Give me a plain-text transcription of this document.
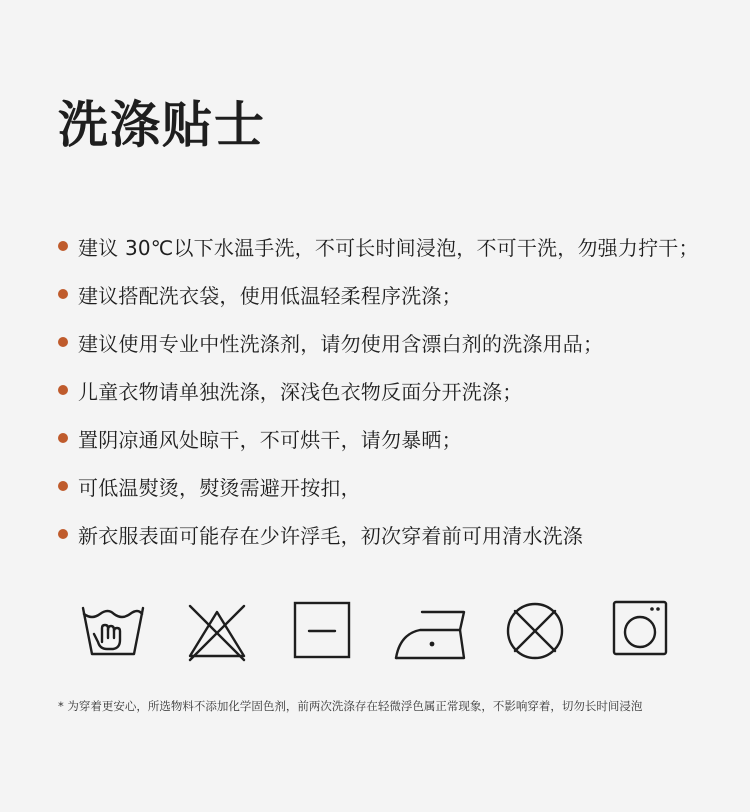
洗涤贴士
建议 30℃以下水温手洗，不可长时间浸泡，不可干洗，勿强力拧干；
建议搭配洗衣袋，使用低温轻柔程序洗涤；
建议使用专业中性洗涤剂，请勿使用含漂白剂的洗涤用品；
儿童衣物请单独洗涤，深浅色衣物反面分开洗涤；
置阴凉通风处晾干，不可烘干，请勿暴晒；
可低温熨烫，熨烫需避开按扣，
新衣服表面可能存在少许浮毛，初次穿着前可用清水洗涤
* 为穿着更安心，所选物料不添加化学固色剂，前两次洗涤存在轻微浮色属正常现象，不影响穿着，切勿长时间浸泡
